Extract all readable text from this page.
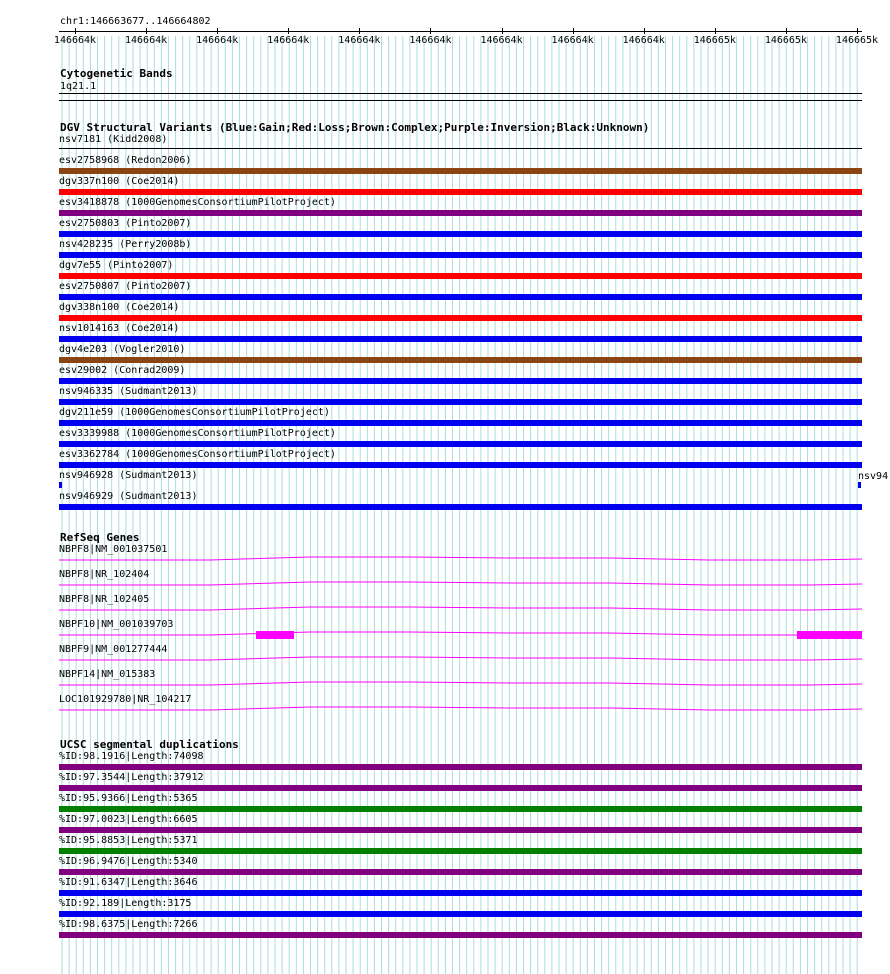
chr1:146663677..146664802
146664k	146664k	146664k	146664k	146664k	146664k	146664k	146664k	146664k	146665k	146665k	146665k
Cytogenetic Bands
1q21.1
DGV Structural Variants (Blue:Gain;Red:Loss;Brown:Complex;Purple:Inversion;Black:Unknown)
nsv7181 (Kidd2008)
esv2758968 (Redon2006)
dgv337n100 (Coe2014)
esv3418878 (1000GenomesConsortiumPilotProject)
esv2750803 (Pinto2007)
nsv428235 (Perry2008b)
dgv7e55 (Pinto2007)
esv2750807 (Pinto2007)
dgv338n100 (Coe2014)
nsv1014163 (Coe2014)
dgv4e203 (Vogler2010)
esv29002 (Conrad2009)
nsv946335 (Sudmant2013)
dgv211e59 (1000GenomesConsortiumPilotProject)
esv3339988 (1000GenomesConsortiumPilotProject)
esv3362784 (1000GenomesConsortiumPilotProject)
nsv946928 (Sudmant2013)
nsv946929 (Sudmant2013)
nsv94
RefSeq Genes
NBPF8|NM_001037501
NBPF8|NR_102404
NBPF8|NR_102405
NBPF10|NM_001039703
NBPF9|NM_001277444
NBPF14|NM_015383
LOC101929780|NR_104217
UCSC segmental duplications
%ID:98.1916|Length:74098
%ID:97.3544|Length:37912
%ID:95.9366|Length:5365
%ID:97.0023|Length:6605
%ID:95.8853|Length:5371
%ID:96.9476|Length:5340
%ID:91.6347|Length:3646
%ID:92.189|Length:3175
%ID:98.6375|Length:7266
